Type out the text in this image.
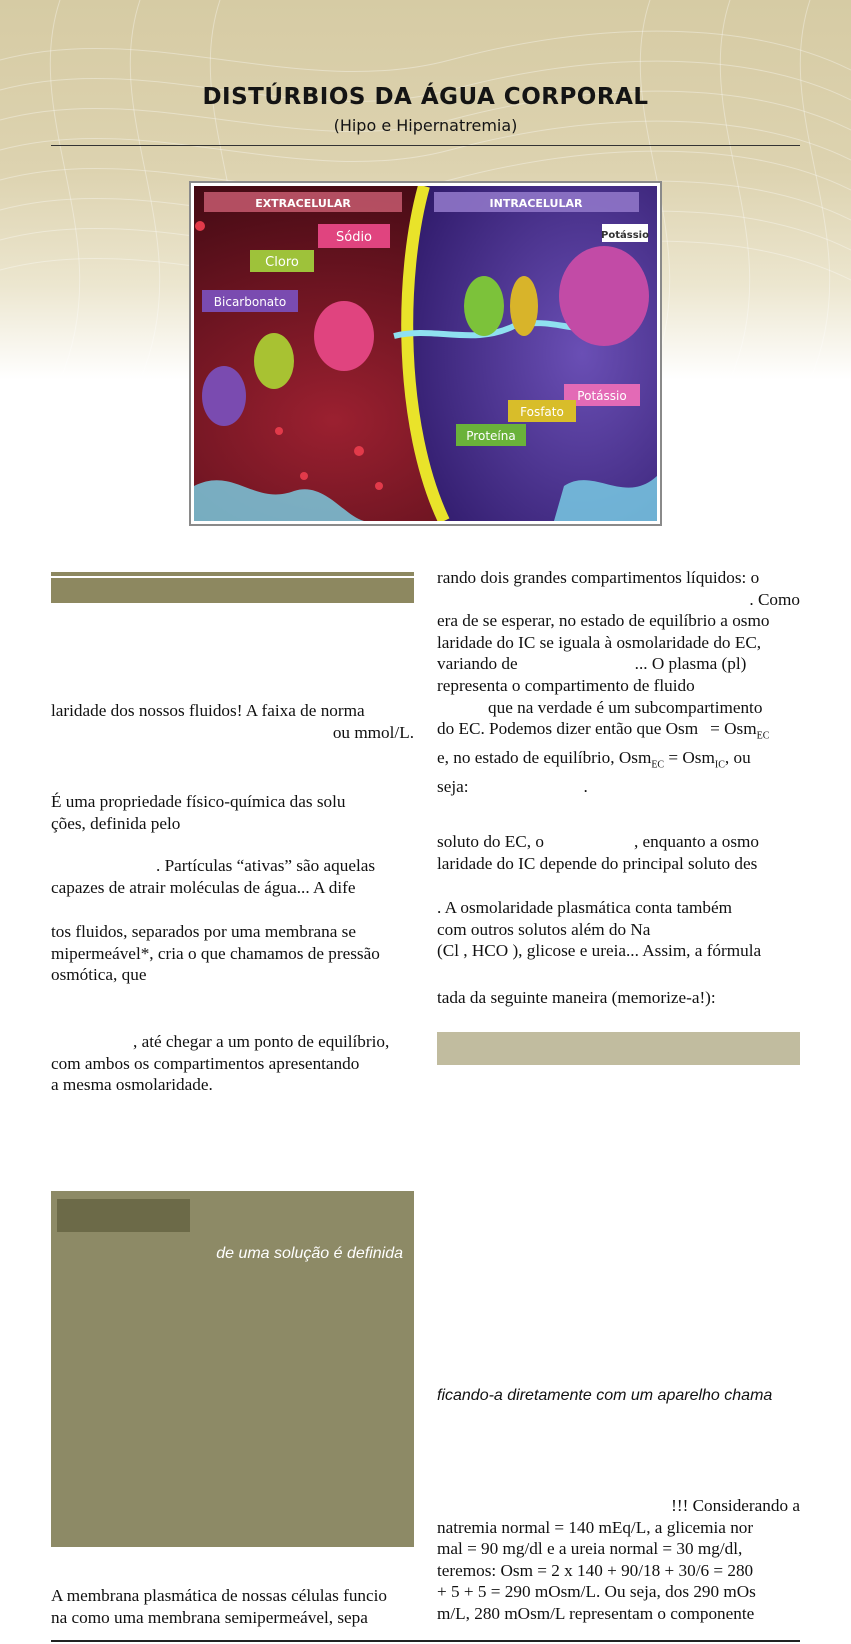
DISTÚRBIOS DA ÁGUA CORPORAL
(Hipo e Hipernatremia)
EXTRACELULAR	INTRACELULAR
Sódio
Cloro
Bicarbonato
Potássio
Potássio
Fosfato
Proteína

laridade dos nossos fluidos! A faixa de norma

ou mmol/L.

É uma propriedade físico-química das solu

ções, definida pelo

. Partículas “ativas” são aquelas

capazes de atrair moléculas de água... A dife

tos fluidos, separados por uma membrana se

mipermeável*, cria o que chamamos de pressão

osmótica, que

, até chegar a um ponto de equilíbrio,

com ambos os compartimentos apresentando

a mesma osmolaridade.

de uma solução é definida

A membrana plasmática de nossas células funcio

na como uma membrana semipermeável, sepa

rando dois grandes compartimentos líquidos: o

. Como

era de se esperar, no estado de equilíbrio a osmo

laridade do IC se iguala à osmolaridade do EC,

variando de	... O plasma (pl)

representa o compartimento de fluido

que na verdade é um subcompartimento

do EC. Podemos dizer então que Osm = Osm$_{EC}$

e, no estado de equilíbrio, Osm$_{EC}$ = Osm$_{IC}$, ou

seja:	.

soluto do EC, o	, enquanto a osmo

laridade do IC depende do principal soluto des

. A osmolaridade plasmática conta também

com outros solutos além do Na

(Cl , HCO ), glicose e ureia... Assim, a fórmula

tada da seguinte maneira (memorize-a!):

ficando-a diretamente com um aparelho chama

!!! Considerando a

natremia normal = 140 mEq/L, a glicemia nor

mal = 90 mg/dl e a ureia normal = 30 mg/dl,

teremos: Osm = 2 x 140 + 90/18 + 30/6 = 280

+ 5 + 5 = 290 mOsm/L. Ou seja, dos 290 mOs

m/L, 280 mOsm/L representam o componente
